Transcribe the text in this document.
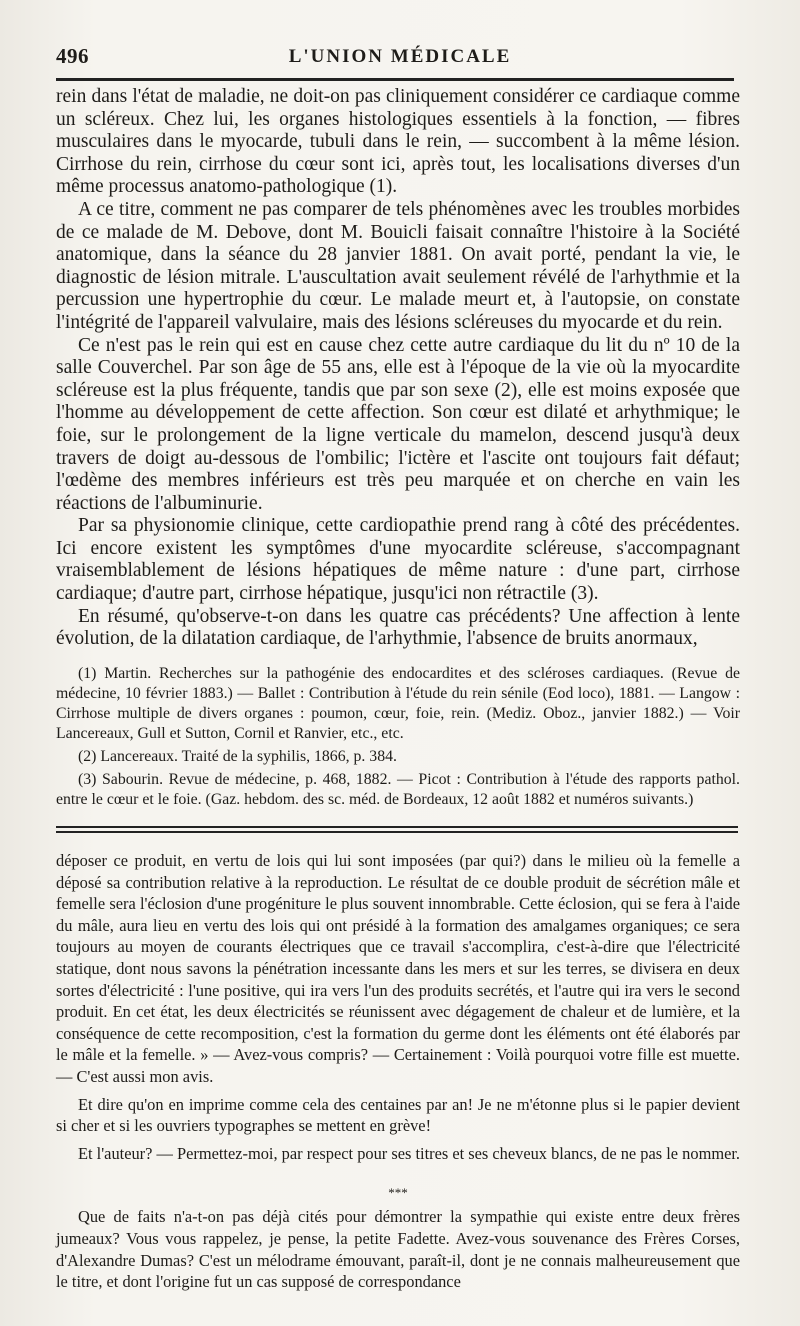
496	L'UNION MÉDICALE

rein dans l'état de maladie, ne doit-on pas cliniquement considérer ce cardiaque comme un scléreux. Chez lui, les organes histologiques essentiels à la fonction, — fibres musculaires dans le myocarde, tubuli dans le rein, — succombent à la même lésion. Cirrhose du rein, cirrhose du cœur sont ici, après tout, les localisations diverses d'un même processus anatomo-pathologique (1).

A ce titre, comment ne pas comparer de tels phénomènes avec les troubles morbides de ce malade de M. Debove, dont M. Bouicli faisait connaître l'histoire à la Société anatomique, dans la séance du 28 janvier 1881. On avait porté, pendant la vie, le diagnostic de lésion mitrale. L'auscultation avait seulement révélé de l'arhythmie et la percussion une hypertrophie du cœur. Le malade meurt et, à l'autopsie, on constate l'intégrité de l'appareil valvulaire, mais des lésions scléreuses du myocarde et du rein.

Ce n'est pas le rein qui est en cause chez cette autre cardiaque du lit du nº 10 de la salle Couverchel. Par son âge de 55 ans, elle est à l'époque de la vie où la myocardite scléreuse est la plus fréquente, tandis que par son sexe (2), elle est moins exposée que l'homme au développement de cette affection. Son cœur est dilaté et arhythmique; le foie, sur le prolongement de la ligne verticale du mamelon, descend jusqu'à deux travers de doigt au-dessous de l'ombilic; l'ictère et l'ascite ont toujours fait défaut; l'œdème des membres inférieurs est très peu marquée et on cherche en vain les réactions de l'albuminurie.

Par sa physionomie clinique, cette cardiopathie prend rang à côté des précédentes. Ici encore existent les symptômes d'une myocardite scléreuse, s'accompagnant vraisemblablement de lésions hépatiques de même nature : d'une part, cirrhose cardiaque; d'autre part, cirrhose hépatique, jusqu'ici non rétractile (3).

En résumé, qu'observe-t-on dans les quatre cas précédents? Une affection à lente évolution, de la dilatation cardiaque, de l'arhythmie, l'absence de bruits anormaux,

(1) Martin. Recherches sur la pathogénie des endocardites et des scléroses cardiaques. (Revue de médecine, 10 février 1883.) — Ballet : Contribution à l'étude du rein sénile (Eod loco), 1881. — Langow : Cirrhose multiple de divers organes : poumon, cœur, foie, rein. (Mediz. Oboz., janvier 1882.) — Voir Lancereaux, Gull et Sutton, Cornil et Ranvier, etc., etc.

(2) Lancereaux. Traité de la syphilis, 1866, p. 384.

(3) Sabourin. Revue de médecine, p. 468, 1882. — Picot : Contribution à l'étude des rapports pathol. entre le cœur et le foie. (Gaz. hebdom. des sc. méd. de Bordeaux, 12 août 1882 et numéros suivants.)

déposer ce produit, en vertu de lois qui lui sont imposées (par qui?) dans le milieu où la femelle a déposé sa contribution relative à la reproduction. Le résultat de ce double produit de sécrétion mâle et femelle sera l'éclosion d'une progéniture le plus souvent innombrable. Cette éclosion, qui se fera à l'aide du mâle, aura lieu en vertu des lois qui ont présidé à la formation des amalgames organiques; ce sera toujours au moyen de courants électriques que ce travail s'accomplira, c'est-à-dire que l'électricité statique, dont nous savons la pénétration incessante dans les mers et sur les terres, se divisera en deux sortes d'électricité : l'une positive, qui ira vers l'un des produits secrétés, et l'autre qui ira vers le second produit. En cet état, les deux électricités se réunissent avec dégagement de chaleur et de lumière, et la conséquence de cette recomposition, c'est la formation du germe dont les éléments ont été élaborés par le mâle et la femelle. » — Avez-vous compris? — Certainement : Voilà pourquoi votre fille est muette. — C'est aussi mon avis.

Et dire qu'on en imprime comme cela des centaines par an! Je ne m'étonne plus si le papier devient si cher et si les ouvriers typographes se mettent en grève!

Et l'auteur? — Permettez-moi, par respect pour ses titres et ses cheveux blancs, de ne pas le nommer.

***

Que de faits n'a-t-on pas déjà cités pour démontrer la sympathie qui existe entre deux frères jumeaux? Vous vous rappelez, je pense, la petite Fadette. Avez-vous souvenance des Frères Corses, d'Alexandre Dumas? C'est un mélodrame émouvant, paraît-il, dont je ne connais malheureusement que le titre, et dont l'origine fut un cas supposé de correspondance
